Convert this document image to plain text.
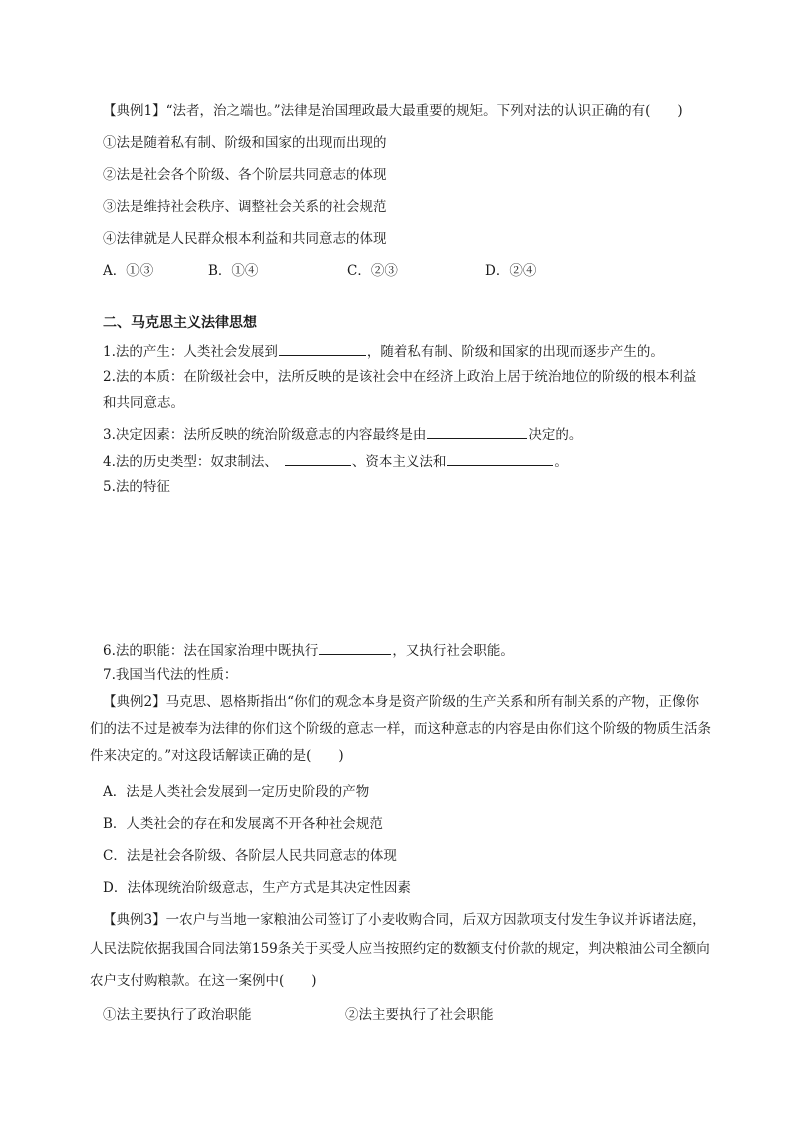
【典例1】“法者，治之端也。”法律是治国理政最大最重要的规矩。下列对法的认识正确的有(　　)
①法是随着私有制、阶级和国家的出现而出现的
②法是社会各个阶级、各个阶层共同意志的体现
③法是维持社会秩序、调整社会关系的社会规范
④法律就是人民群众根本利益和共同意志的体现
A．①③	B．①④	C．②③	D．②④
二、马克思主义法律思想
1.法的产生：人类社会发展到	，随着私有制、阶级和国家的出现而逐步产生的。
2.法的本质：在阶级社会中，法所反映的是该社会中在经济上政治上居于统治地位的阶级的根本利益
和共同意志。
3.决定因素：法所反映的统治阶级意志的内容最终是由	决定的。
4.法的历史类型：奴隶制法、	、资本主义法和	。
5.法的特征
6.法的职能：法在国家治理中既执行	，又执行社会职能。
7.我国当代法的性质：
【典例2】马克思、恩格斯指出“你们的观念本身是资产阶级的生产关系和所有制关系的产物，正像你
们的法不过是被奉为法律的你们这个阶级的意志一样，而这种意志的内容是由你们这个阶级的物质生活条
件来决定的。”对这段话解读正确的是(　　)
A．法是人类社会发展到一定历史阶段的产物
B．人类社会的存在和发展离不开各种社会规范
C．法是社会各阶级、各阶层人民共同意志的体现
D．法体现统治阶级意志，生产方式是其决定性因素
【典例3】一农户与当地一家粮油公司签订了小麦收购合同，后双方因款项支付发生争议并诉诸法庭，
人民法院依据我国合同法第159条关于买受人应当按照约定的数额支付价款的规定，判决粮油公司全额向
农户支付购粮款。在这一案例中(　　)
①法主要执行了政治职能	②法主要执行了社会职能
